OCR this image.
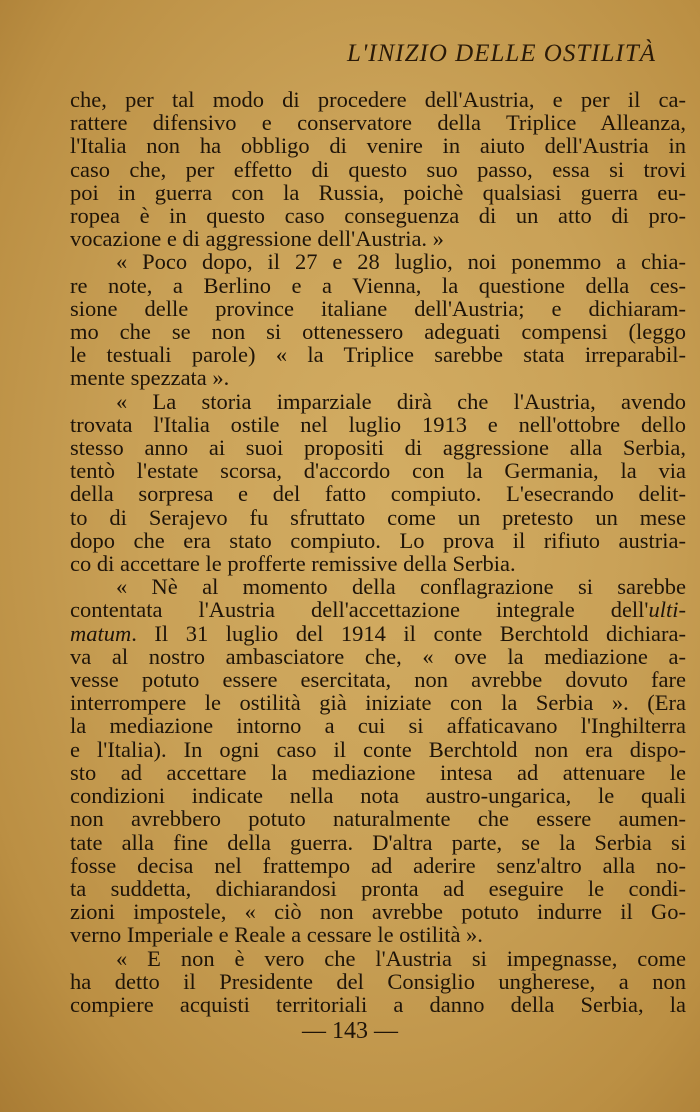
L'INIZIO DELLE OSTILITÀ
che, per tal modo di procedere dell'Austria, e per il ca-
rattere difensivo e conservatore della Triplice Alleanza,
l'Italia non ha obbligo di venire in aiuto dell'Austria in
caso che, per effetto di questo suo passo, essa si trovi
poi in guerra con la Russia, poichè qualsiasi guerra eu-
ropea è in questo caso conseguenza di un atto di pro-
vocazione e di aggressione dell'Austria. »
« Poco dopo, il 27 e 28 luglio, noi ponemmo a chia-
re note, a Berlino e a Vienna, la questione della ces-
sione delle province italiane dell'Austria; e dichiaram-
mo che se non si ottenessero adeguati compensi (leggo
le testuali parole) « la Triplice sarebbe stata irreparabil-
mente spezzata ».
« La storia imparziale dirà che l'Austria, avendo
trovata l'Italia ostile nel luglio 1913 e nell'ottobre dello
stesso anno ai suoi propositi di aggressione alla Serbia,
tentò l'estate scorsa, d'accordo con la Germania, la via
della sorpresa e del fatto compiuto. L'esecrando delit-
to di Serajevo fu sfruttato come un pretesto un mese
dopo che era stato compiuto. Lo prova il rifiuto austria-
co di accettare le profferte remissive della Serbia.
« Nè al momento della conflagrazione si sarebbe
contentata l'Austria dell'accettazione integrale dell'ulti-
matum. Il 31 luglio del 1914 il conte Berchtold dichiara-
va al nostro ambasciatore che, « ove la mediazione a-
vesse potuto essere esercitata, non avrebbe dovuto fare
interrompere le ostilità già iniziate con la Serbia ». (Era
la mediazione intorno a cui si affaticavano l'Inghilterra
e l'Italia). In ogni caso il conte Berchtold non era dispo-
sto ad accettare la mediazione intesa ad attenuare le
condizioni indicate nella nota austro-ungarica, le quali
non avrebbero potuto naturalmente che essere aumen-
tate alla fine della guerra. D'altra parte, se la Serbia si
fosse decisa nel frattempo ad aderire senz'altro alla no-
ta suddetta, dichiarandosi pronta ad eseguire le condi-
zioni impostele, « ciò non avrebbe potuto indurre il Go-
verno Imperiale e Reale a cessare le ostilità ».
« E non è vero che l'Austria si impegnasse, come
ha detto il Presidente del Consiglio ungherese, a non
compiere acquisti territoriali a danno della Serbia, la
— 143 —
